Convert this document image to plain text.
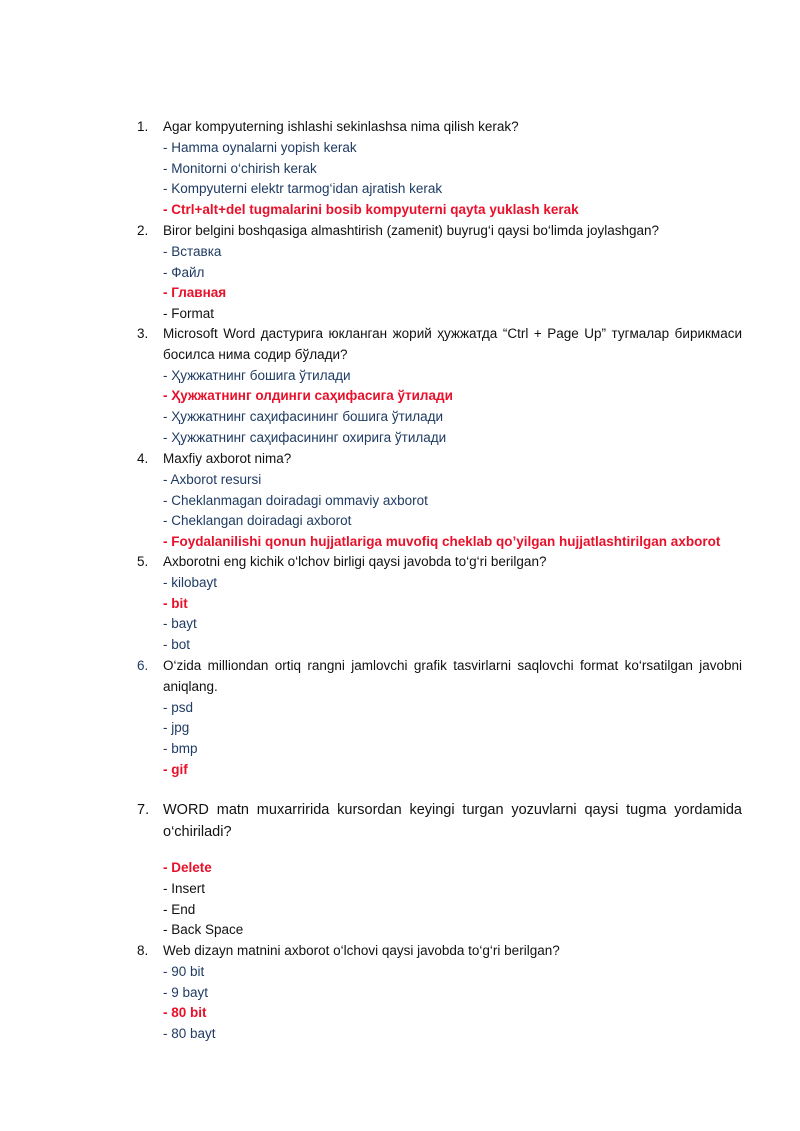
1.	Agar kompyuterning ishlashi sekinlashsa nima qilish kerak?
- Hamma oynalarni yopish kerak
- Monitorni o‘chirish kerak
- Kompyuterni elektr tarmog‘idan ajratish kerak
- Ctrl+alt+del tugmalarini bosib kompyuterni qayta yuklash kerak
2.	Biror belgini boshqasiga almashtirish (zamenit) buyrug‘i qaysi bo‘limda joylashgan?
- Вставка
- Файл
- Главная
- Format
3.	Microsoft Word дастурига юкланган жорий ҳужжатда “Ctrl + Page Up” тугмалар бирикмаси босилса нима содир бўлади?
- Ҳужжатнинг бошига ўтилади
- Ҳужжатнинг олдинги саҳифасига ўтилади
- Ҳужжатнинг саҳифасининг бошига ўтилади
- Ҳужжатнинг саҳифасининг охирига ўтилади
4.	Maxfiy axborot nima?
- Axborot resursi
- Cheklanmagan doiradagi ommaviy axborot
- Cheklangan doiradagi axborot
- Foydalanilishi qonun hujjatlariga muvofiq cheklab qo’yilgan hujjatlashtirilgan axborot
5.	Axborotni eng kichik o‘lchov birligi qaysi javobda to‘g‘ri berilgan?
- kilobayt
- bit
- bayt
- bot
6.	O‘zida milliondan ortiq rangni jamlovchi grafik tasvirlarni saqlovchi format ko‘rsatilgan javobni aniqlang.
- psd
- jpg
- bmp
- gif
7. WORD matn muxarririda kursordan keyingi turgan yozuvlarni qaysi tugma yordamida o‘chiriladi?
- Delete
- Insert
- End
- Back Space
8.	Web dizayn matnini axborot o‘lchovi qaysi javobda to‘g‘ri berilgan?
- 90 bit
- 9 bayt
- 80 bit
- 80 bayt
